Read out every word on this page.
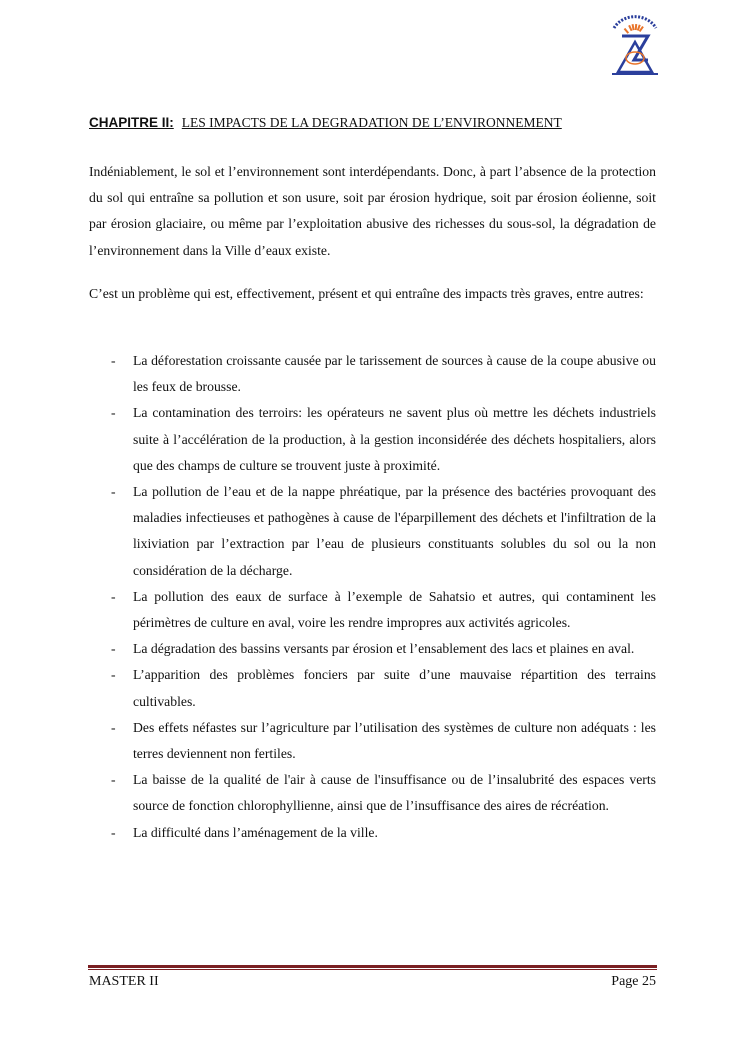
CHAPITRE II: LES IMPACTS DE LA DEGRADATION DE L’ENVIRONNEMENT

Indéniablement, le sol et l’environnement sont interdépendants. Donc, à part l’absence de la protection du sol qui entraîne sa pollution et son usure, soit par érosion hydrique, soit par érosion éolienne, soit par érosion glaciaire, ou même par l’exploitation abusive des richesses du sous-sol, la dégradation de l’environnement dans la Ville d’eaux existe.

C’est un problème qui est, effectivement, présent et qui entraîne des impacts très graves, entre autres:

- La déforestation croissante causée par le tarissement de sources à cause de la coupe abusive ou les feux de brousse.
- La contamination des terroirs: les opérateurs ne savent plus où mettre les déchets industriels suite à l’accélération de la production, à la gestion inconsidérée des déchets hospitaliers, alors que des champs de culture se trouvent juste à proximité.
- La pollution de l’eau et de la nappe phréatique, par la présence des bactéries provoquant des maladies infectieuses et pathogènes à cause de l'éparpillement des déchets et l'infiltration de la lixiviation par l’extraction par l’eau de plusieurs constituants solubles du sol ou la non considération de la décharge.
- La pollution des eaux de surface à l’exemple de Sahatsio et autres, qui contaminent les périmètres de culture en aval, voire les rendre impropres aux activités agricoles.
- La dégradation des bassins versants par érosion et l’ensablement des lacs et plaines en aval.
- L’apparition des problèmes fonciers par suite d’une mauvaise répartition des terrains cultivables.
- Des effets néfastes sur l’agriculture par l’utilisation des systèmes de culture non adéquats : les terres deviennent non fertiles.
- La baisse de la qualité de l'air à cause de l'insuffisance ou de l’insalubrité des espaces verts source de fonction chlorophyllienne, ainsi que de l’insuffisance des aires de récréation.
- La difficulté dans l’aménagement de la ville.
MASTER II	Page 25
